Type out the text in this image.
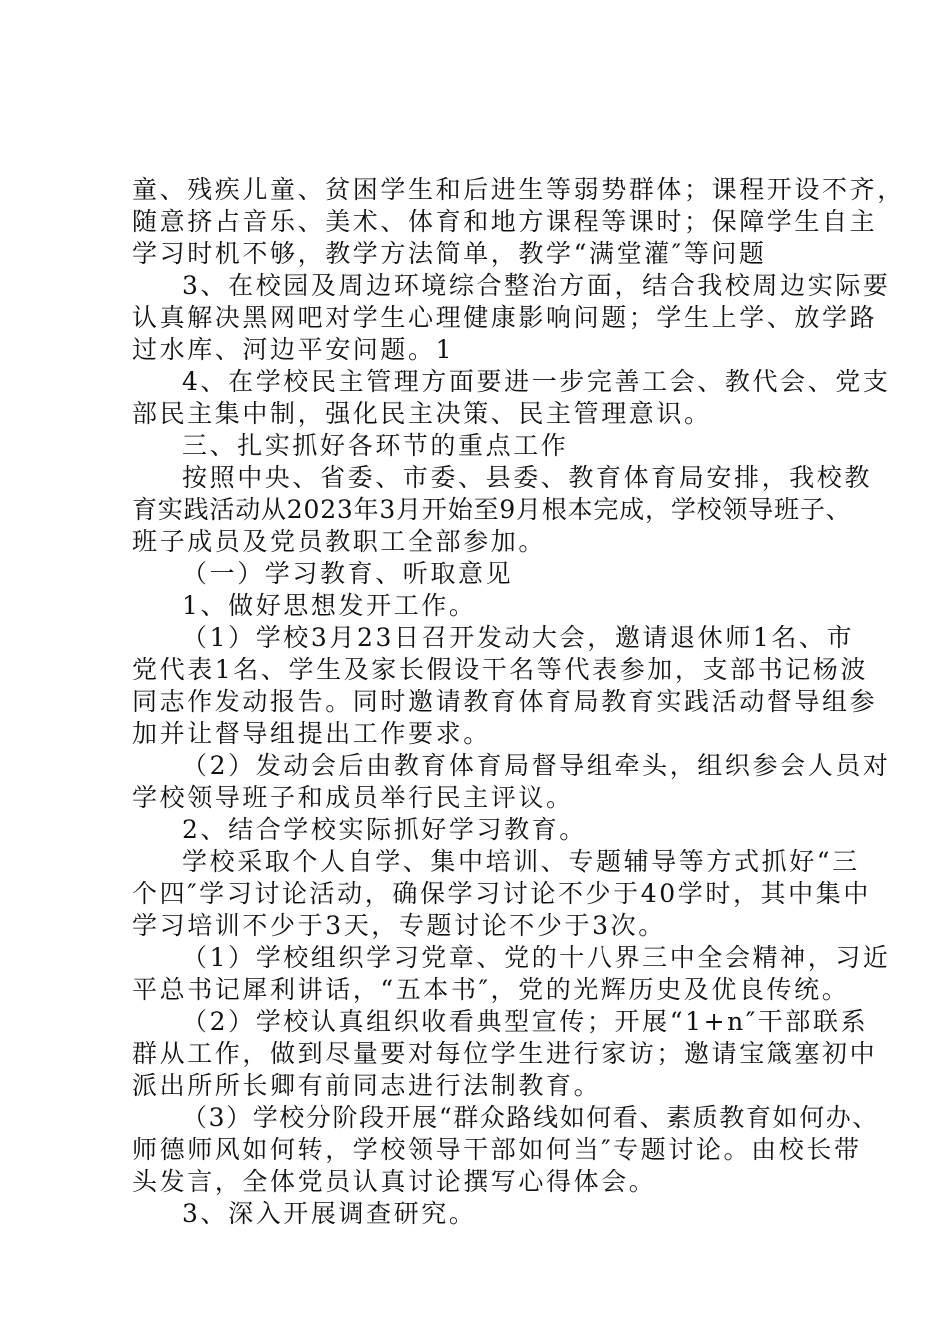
童、残疾儿童、贫困学生和后进生等弱势群体；课程开设不齐，
随意挤占音乐、美术、体育和地方课程等课时；保障学生自主
学习时机不够，教学方法简单，教学“满堂灌″等问题
3、在校园及周边环境综合整治方面，结合我校周边实际要
认真解决黑网吧对学生心理健康影响问题；学生上学、放学路
过水库、河边平安问题。1
4、在学校民主管理方面要进一步完善工会、教代会、党支
部民主集中制，强化民主决策、民主管理意识。
三、扎实抓好各环节的重点工作
按照中央、省委、市委、县委、教育体育局安排，我校教
育实践活动从2023年3月开始至9月根本完成，学校领导班子、
班子成员及党员教职工全部参加。
（一）学习教育、听取意见
1、做好思想发开工作。
（1）学校3月23日召开发动大会，邀请退休师1名、市
党代表1名、学生及家长假设干名等代表参加，支部书记杨波
同志作发动报告。同时邀请教育体育局教育实践活动督导组参
加并让督导组提出工作要求。
（2）发动会后由教育体育局督导组牵头，组织参会人员对
学校领导班子和成员举行民主评议。
2、结合学校实际抓好学习教育。
学校采取个人自学、集中培训、专题辅导等方式抓好“三
个四″学习讨论活动，确保学习讨论不少于40学时，其中集中
学习培训不少于3天，专题讨论不少于3次。
（1）学校组织学习党章、党的十八界三中全会精神，习近
平总书记犀利讲话，“五本书″，党的光辉历史及优良传统。
（2）学校认真组织收看典型宣传；开展“1+n″干部联系
群从工作，做到尽量要对每位学生进行家访；邀请宝箴塞初中
派出所所长卿有前同志进行法制教育。
（3）学校分阶段开展“群众路线如何看、素质教育如何办、
师德师风如何转，学校领导干部如何当″专题讨论。由校长带
头发言，全体党员认真讨论撰写心得体会。
3、深入开展调查研究。
